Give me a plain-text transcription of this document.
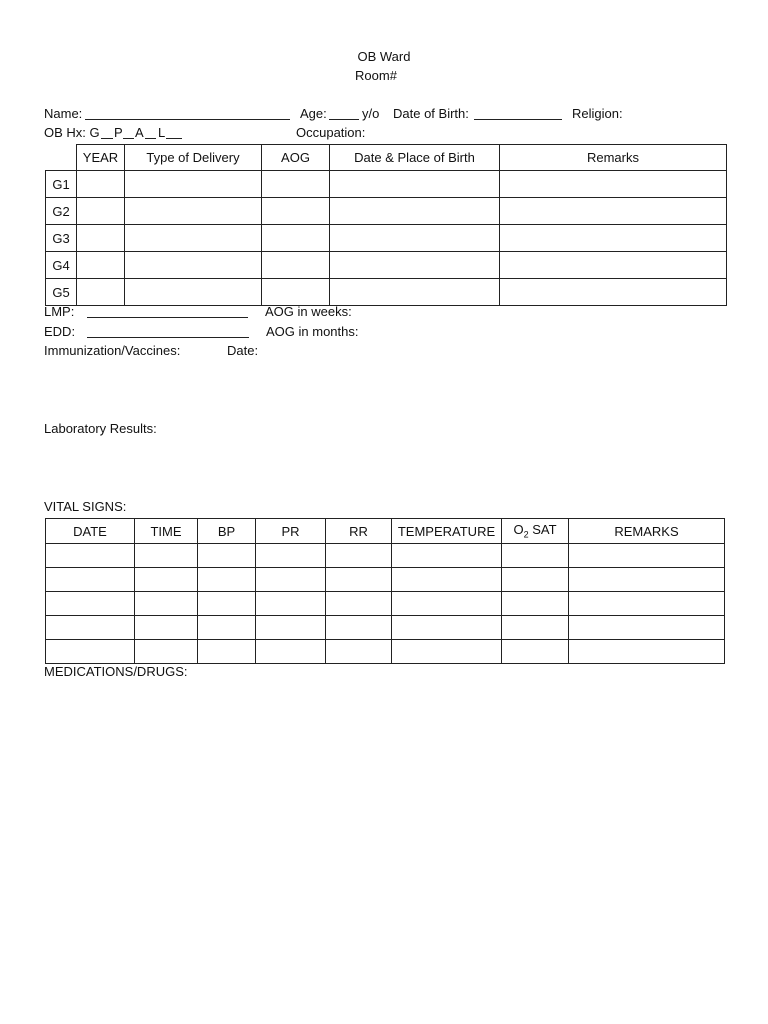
OB Ward
Room#
Name:	Age:	y/o Date of Birth:	Religion:
OB Hx: G P A L	Occupation:
	YEAR	Type of Delivery	AOG	Date & Place of Birth	Remarks
G1					
G2					
G3					
G4					
G5					
LMP:	AOG in weeks:
EDD:	AOG in months:
Immunization/Vaccines:	Date:
Laboratory Results:
VITAL SIGNS:
DATE	TIME	BP	PR	RR	TEMPERATURE	$O_2$ SAT	REMARKS

MEDICATIONS/DRUGS:
